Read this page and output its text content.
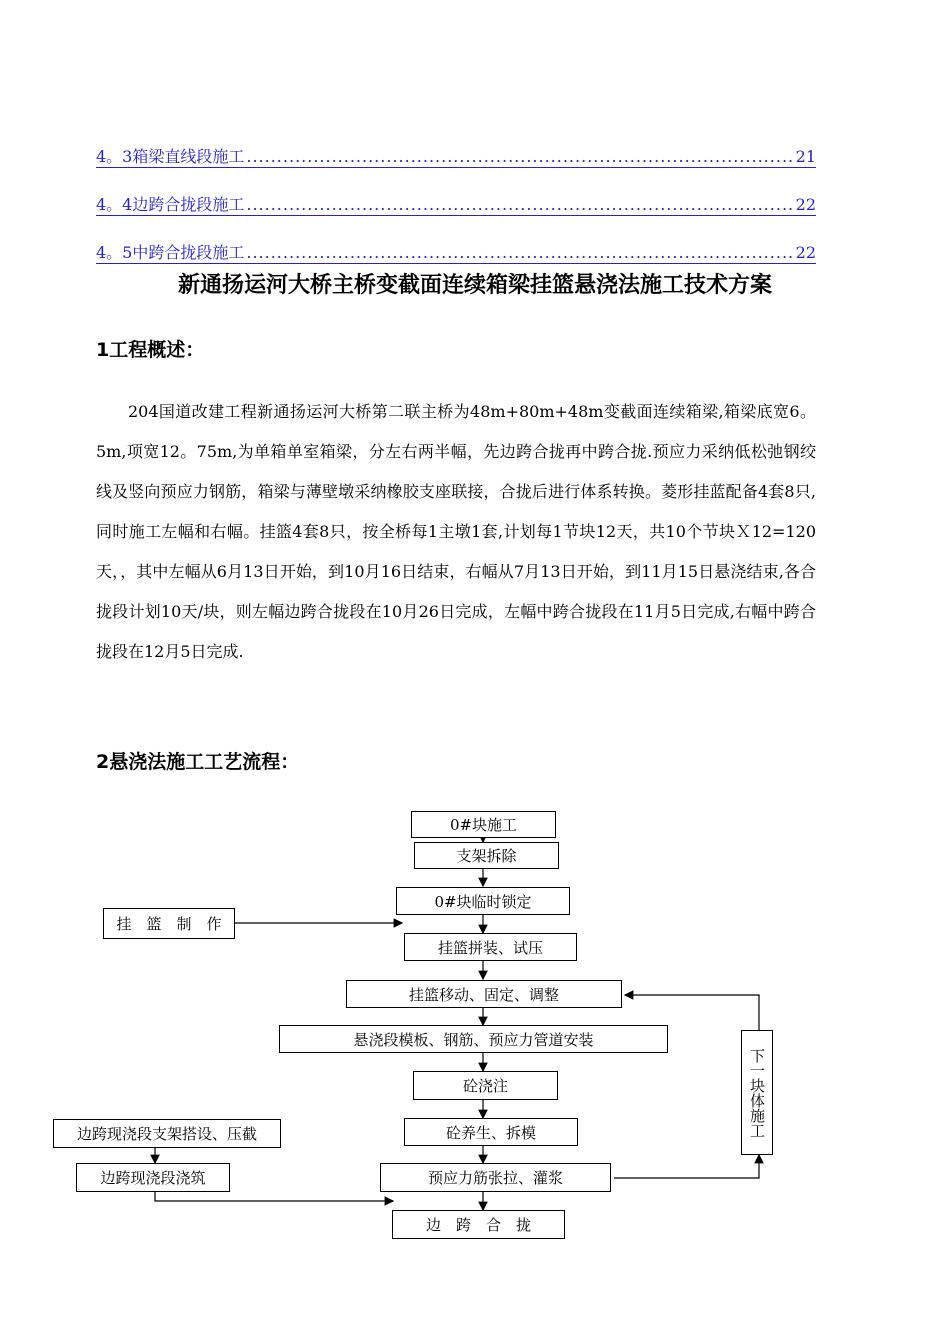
4。3箱梁直线段施工 .....	21
4。4边跨合拢段施工 .....	22
4。5中跨合拢段施工 .....	22
新通扬运河大桥主桥变截面连续箱梁挂篮悬浇法施工技术方案
1工程概述：

204国道改建工程新通扬运河大桥第二联主桥为48m+80m+48m变截面连续箱梁,箱梁底宽6。5m,项宽12。75m,为单箱单室箱梁，分左右两半幅，先边跨合拢再中跨合拢.预应力采纳低松弛钢绞线及竖向预应力钢筋，箱梁与薄壁墩采纳橡胶支座联接，合拢后进行体系转换。菱形挂蓝配备4套8只,同时施工左幅和右幅。挂篮4套8只，按全桥每1主墩1套,计划每1节块12天，共10个节块Ｘ12=120天，，其中左幅从6月13日开始，到10月16日结束，右幅从7月13日开始，到11月15日悬浇结束,各合拢段计划10天/块，则左幅边跨合拢段在10月26日完成，左幅中跨合拢段在11月5日完成,右幅中跨合拢段在12月5日完成.

2悬浇法施工工艺流程：
0#块施工
支架拆除
0#块临时锁定
挂　篮　制　作
挂篮拼装、试压
挂篮移动、固定、调整
悬浇段模板、钢筋、预应力管道安装
砼浇注
砼养生、拆模
预应力筋张拉、灌浆
边跨现浇段支架搭设、压截
边跨现浇段浇筑
边　跨　合　拢
下一块体施工
